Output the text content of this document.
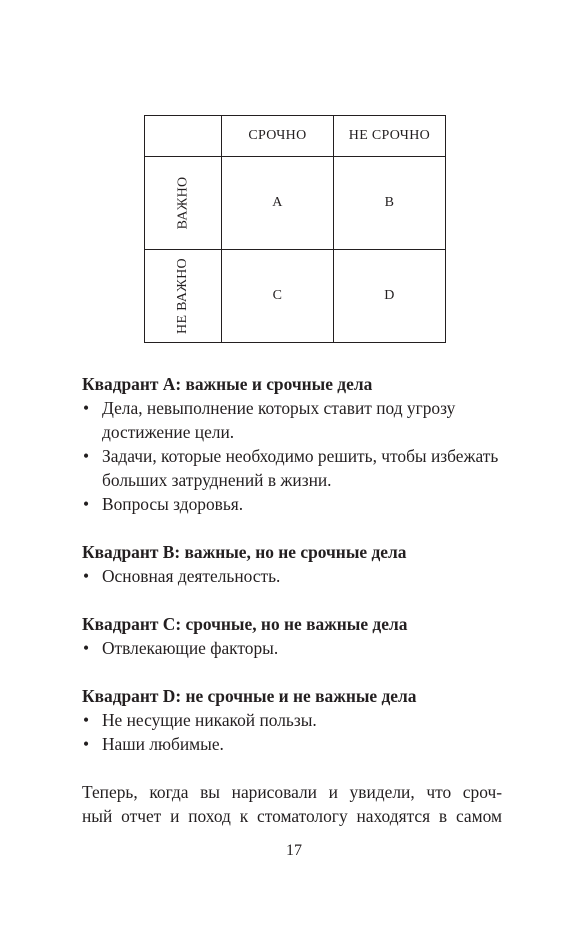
	СРОЧНО	НЕ СРОЧНО
ВАЖНО	A	B
НЕ ВАЖНО	C	D

Квадрант A: важные и срочные дела

• Дела, невыполнение которых ставит под угрозу достижение цели.
• Задачи, которые необходимо решить, чтобы избежать больших затруднений в жизни.
• Вопросы здоровья.

Квадрант B: важные, но не срочные дела

• Основная деятельность.

Квадрант C: срочные, но не важные дела

• Отвлекающие факторы.

Квадрант D: не срочные и не важные дела

• Не несущие никакой пользы.
• Наши любимые.

Теперь, когда вы нарисовали и увидели, что сроч-
ный отчет и поход к стоматологу находятся в самом

17
